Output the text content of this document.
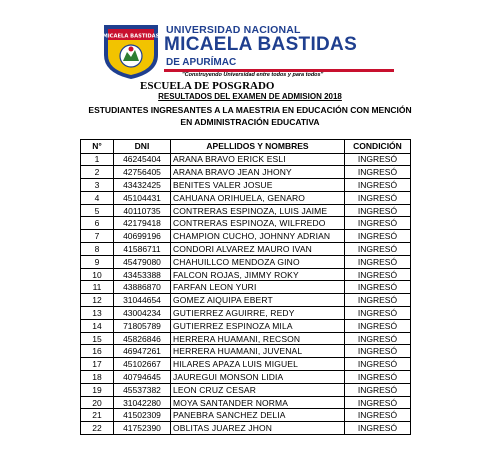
MICAELA BASTIDAS
UNIVERSIDAD NACIONAL
MICAELA BASTIDAS
DE APURÍMAC
"Construyendo Universidad entre todos y para todos"
ESCUELA DE POSGRADO
RESULTADOS DEL EXAMEN DE ADMISION 2018
ESTUDIANTES INGRESANTES A LA MAESTRIA EN EDUCACIÓN CON MENCIÓN
EN ADMINISTRACIÓN EDUCATIVA
N°	DNI	APELLIDOS Y NOMBRES	CONDICIÓN
1	46245404	ARANA BRAVO ERICK ESLI	INGRESÓ
2	42756405	ARANA BRAVO JEAN JHONY	INGRESÓ
3	43432425	BENITES VALER JOSUE	INGRESÓ
4	45104431	CAHUANA ORIHUELA, GENARO	INGRESÓ
5	40110735	CONTRERAS ESPINOZA, LUIS JAIME	INGRESÓ
6	42179418	CONTRERAS ESPINOZA, WILFREDO	INGRESÓ
7	40699196	CHAMPION CUCHO, JOHNNY ADRIAN	INGRESÓ
8	41586711	CONDORI ALVAREZ MAURO IVAN	INGRESÓ
9	45479080	CHAHUILLCO MENDOZA GINO	INGRESÓ
10	43453388	FALCON ROJAS, JIMMY ROKY	INGRESÓ
11	43886870	FARFAN LEON YURI	INGRESÓ
12	31044654	GOMEZ AIQUIPA EBERT	INGRESÓ
13	43004234	GUTIERREZ AGUIRRE, REDY	INGRESÓ
14	71805789	GUTIERREZ ESPINOZA MILA	INGRESÓ
15	45826846	HERRERA HUAMANI, RECSON	INGRESÓ
16	46947261	HERRERA HUAMANI, JUVENAL	INGRESÓ
17	45102667	HILARES APAZA LUIS MIGUEL	INGRESÓ
18	40794645	JAUREGUI MONSON LIDIA	INGRESÓ
19	45537382	LEON CRUZ CESAR	INGRESÓ
20	31042280	MOYA SANTANDER NORMA	INGRESÓ
21	41502309	PANEBRA SANCHEZ DELIA	INGRESÓ
22	41752390	OBLITAS JUAREZ JHON	INGRESÓ
